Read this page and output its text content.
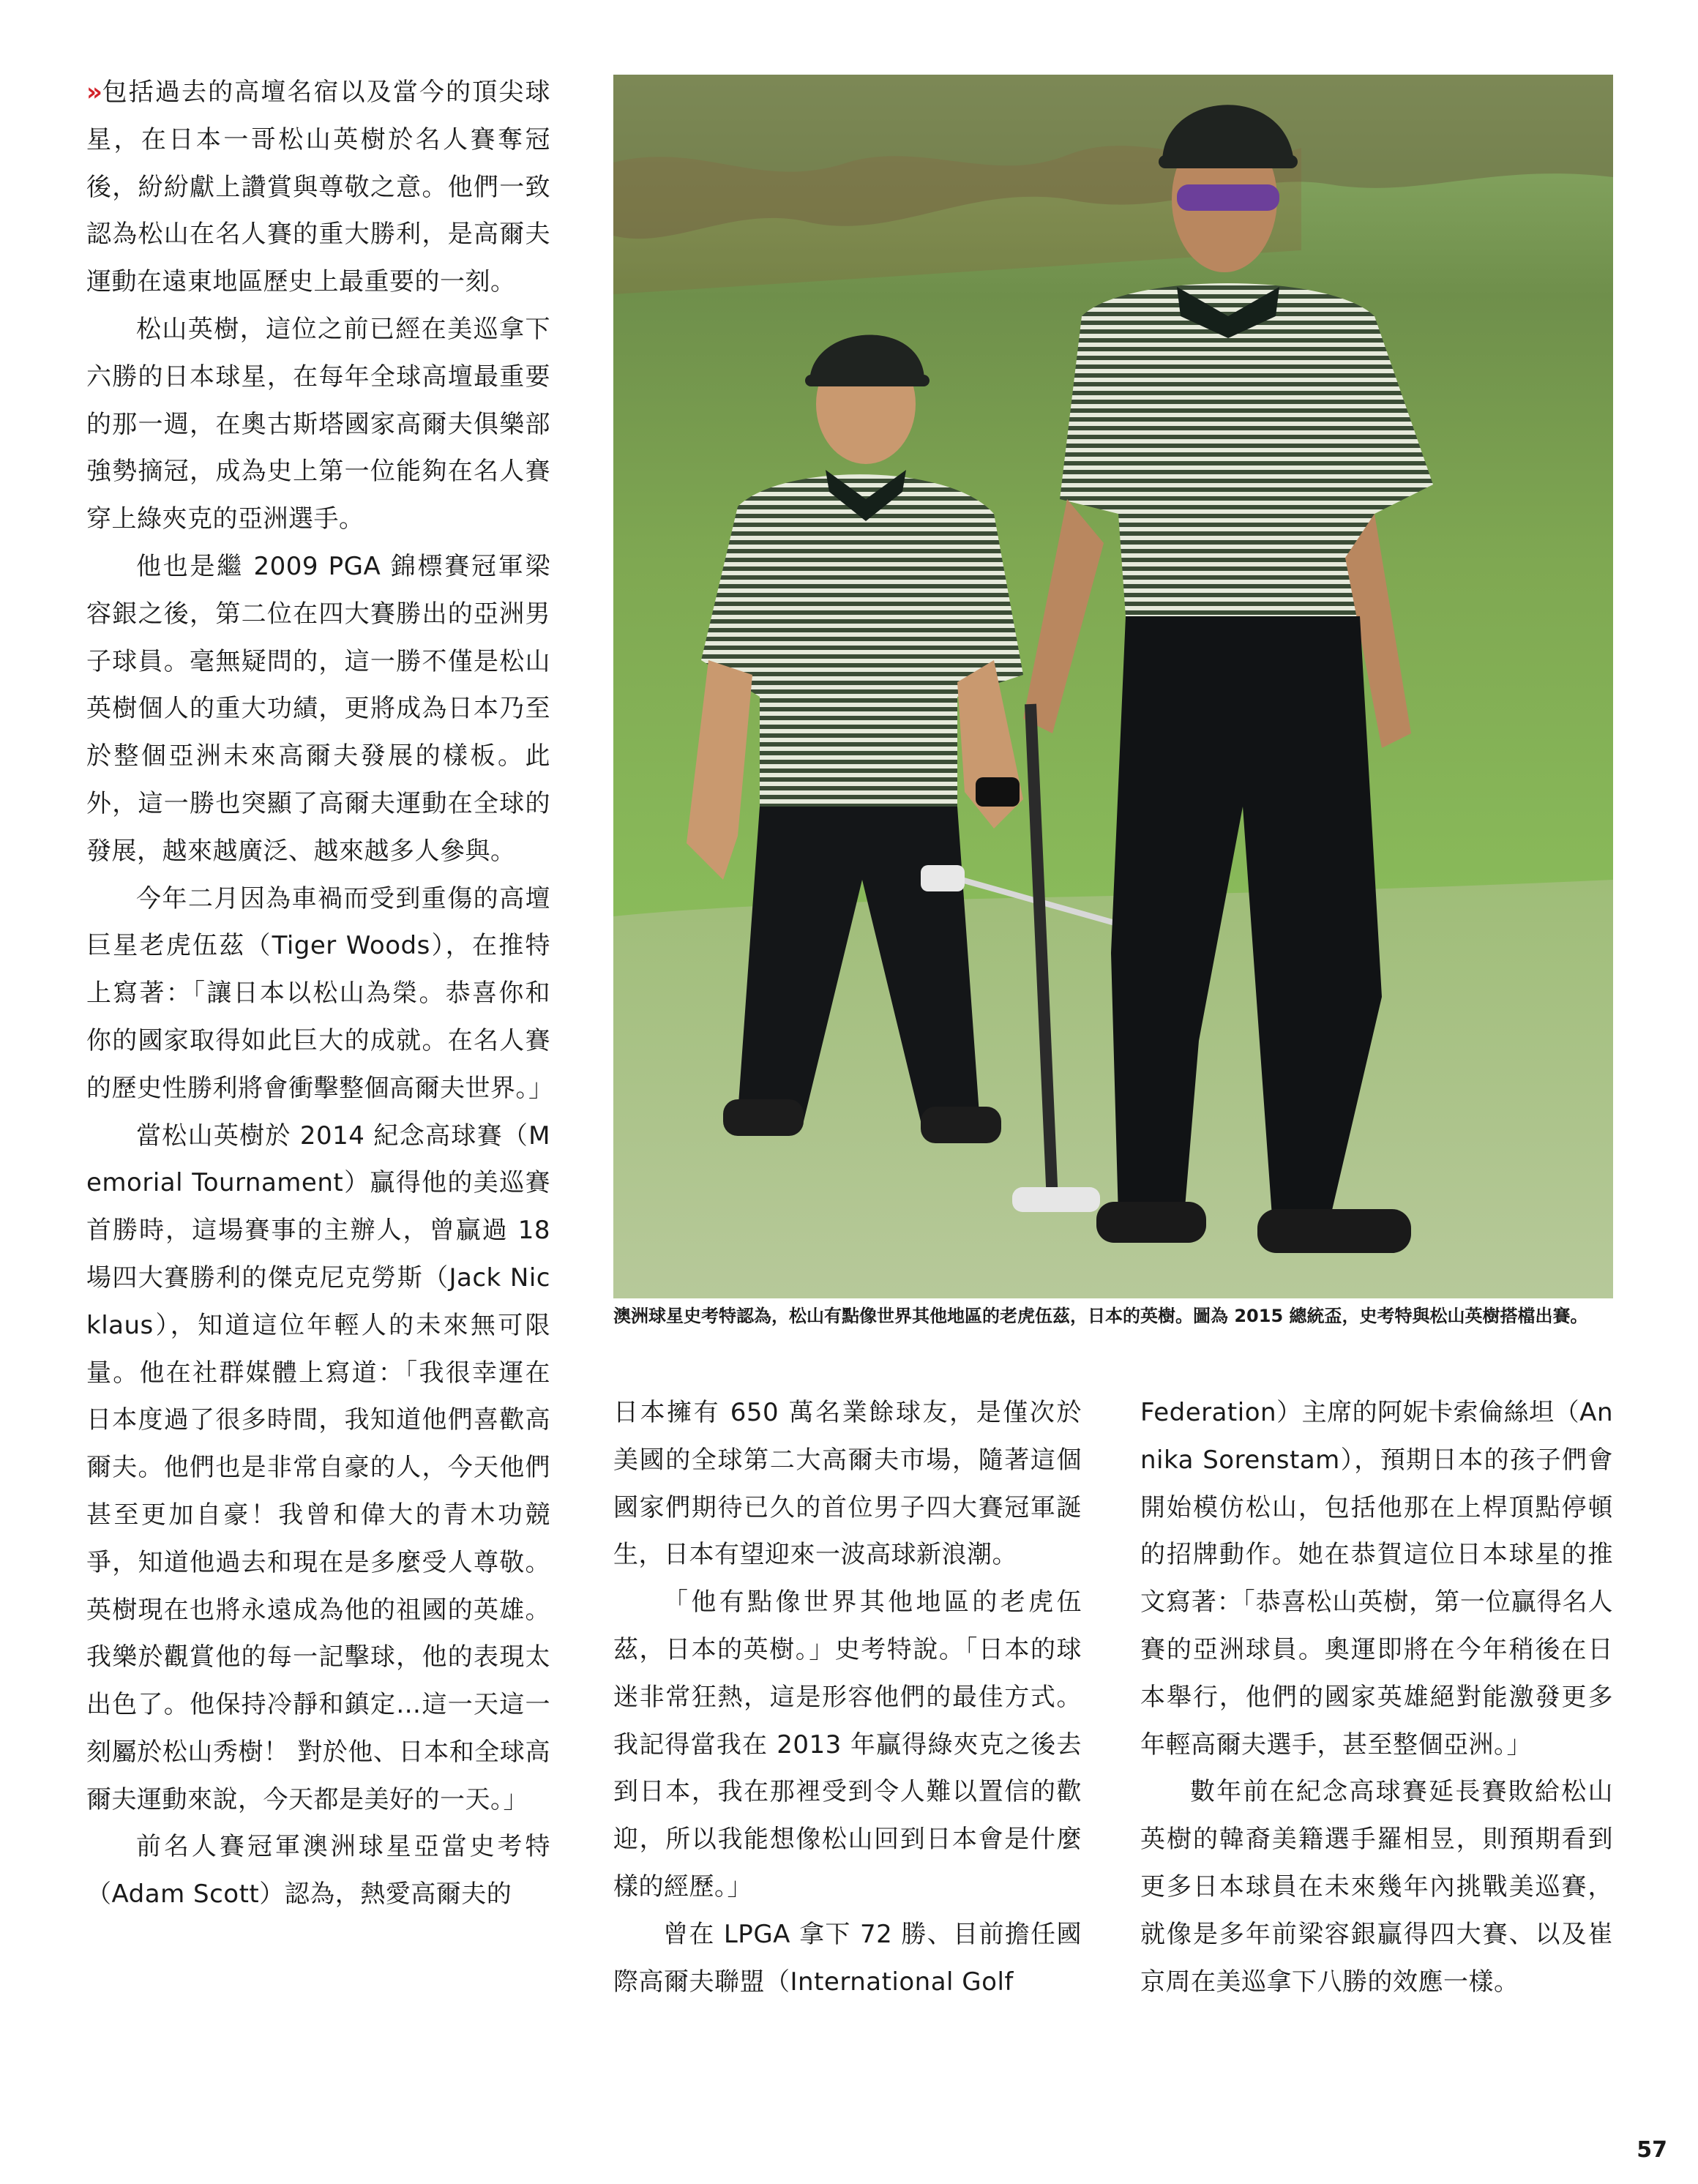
» 包括過去的高壇名宿以及當今的頂尖球星，在日本一哥松山英樹於名人賽奪冠後，紛紛獻上讚賞與尊敬之意。他們一致認為松山在名人賽的重大勝利，是高爾夫運動在遠東地區歷史上最重要的一刻。

松山英樹，這位之前已經在美巡拿下六勝的日本球星，在每年全球高壇最重要的那一週，在奧古斯塔國家高爾夫俱樂部強勢摘冠，成為史上第一位能夠在名人賽穿上綠夾克的亞洲選手。

他也是繼 2009 PGA 錦標賽冠軍梁容銀之後，第二位在四大賽勝出的亞洲男子球員。毫無疑問的，這一勝不僅是松山英樹個人的重大功績，更將成為日本乃至於整個亞洲未來高爾夫發展的樣板。此外，這一勝也突顯了高爾夫運動在全球的發展，越來越廣泛、越來越多人參與。

今年二月因為車禍而受到重傷的高壇巨星老虎伍茲（Tiger Woods），在推特上寫著：「讓日本以松山為榮。恭喜你和你的國家取得如此巨大的成就。在名人賽的歷史性勝利將會衝擊整個高爾夫世界。」

當松山英樹於 2014 紀念高球賽（Memorial Tournament）贏得他的美巡賽首勝時，這場賽事的主辦人，曾贏過 18 場四大賽勝利的傑克尼克勞斯（Jack Nicklaus），知道這位年輕人的未來無可限量。他在社群媒體上寫道：「我很幸運在日本度過了很多時間，我知道他們喜歡高爾夫。他們也是非常自豪的人，今天他們甚至更加自豪！我曾和偉大的青木功競爭，知道他過去和現在是多麼受人尊敬。英樹現在也將永遠成為他的祖國的英雄。我樂於觀賞他的每一記擊球，他的表現太出色了。他保持冷靜和鎮定…這一天這一刻屬於松山秀樹！ 對於他、日本和全球高爾夫運動來說，今天都是美好的一天。」

前名人賽冠軍澳洲球星亞當史考特（Adam Scott）認為，熱愛高爾夫的

澳洲球星史考特認為，松山有點像世界其他地區的老虎伍茲，日本的英樹。圖為 2015 總統盃，史考特與松山英樹搭檔出賽。

日本擁有 650 萬名業餘球友，是僅次於美國的全球第二大高爾夫市場，隨著這個國家們期待已久的首位男子四大賽冠軍誕生，日本有望迎來一波高球新浪潮。

「他有點像世界其他地區的老虎伍茲，日本的英樹。」史考特說。「日本的球迷非常狂熱，這是形容他們的最佳方式。我記得當我在 2013 年贏得綠夾克之後去到日本，我在那裡受到令人難以置信的歡迎，所以我能想像松山回到日本會是什麼樣的經歷。」

曾在 LPGA 拿下 72 勝、目前擔任國際高爾夫聯盟（International Golf

Federation）主席的阿妮卡索倫絲坦（Annika Sorenstam），預期日本的孩子們會開始模仿松山，包括他那在上桿頂點停頓的招牌動作。她在恭賀這位日本球星的推文寫著：「恭喜松山英樹，第一位贏得名人賽的亞洲球員。奧運即將在今年稍後在日本舉行，他們的國家英雄絕對能激發更多年輕高爾夫選手，甚至整個亞洲。」

數年前在紀念高球賽延長賽敗給松山英樹的韓裔美籍選手羅相昱，則預期看到更多日本球員在未來幾年內挑戰美巡賽，就像是多年前梁容銀贏得四大賽、以及崔京周在美巡拿下八勝的效應一樣。

57
